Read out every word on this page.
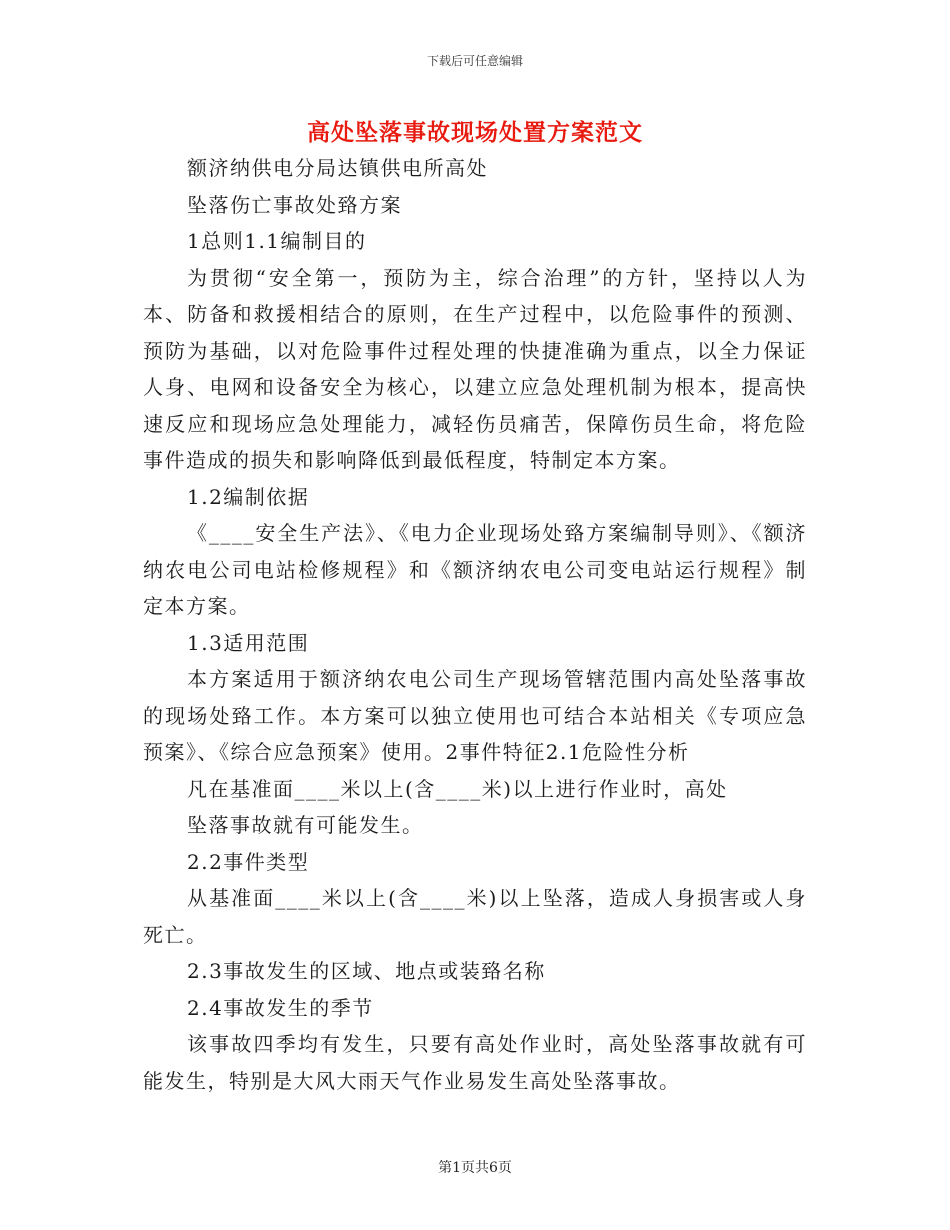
下载后可任意编辑
高处坠落事故现场处置方案范文

额济纳供电分局达镇供电所高处

坠落伤亡事故处臵方案

1总则1.1编制目的

为贯彻“安全第一，预防为主，综合治理”的方针，坚持以人为本、防备和救援相结合的原则，在生产过程中，以危险事件的预测、预防为基础，以对危险事件过程处理的快捷准确为重点，以全力保证人身、电网和设备安全为核心，以建立应急处理机制为根本，提高快速反应和现场应急处理能力，减轻伤员痛苦，保障伤员生命，将危险事件造成的损失和影响降低到最低程度，特制定本方案。

1.2编制依据

《____安全生产法》、《电力企业现场处臵方案编制导则》、《额济纳农电公司电站检修规程》和《额济纳农电公司变电站运行规程》制定本方案。

1.3适用范围

本方案适用于额济纳农电公司生产现场管辖范围内高处坠落事故的现场处臵工作。本方案可以独立使用也可结合本站相关《专项应急预案》、《综合应急预案》使用。2事件特征2.1危险性分析

凡在基准面____米以上(含____米)以上进行作业时，高处

坠落事故就有可能发生。

2.2事件类型

从基准面____米以上(含____米)以上坠落，造成人身损害或人身死亡。

2.3事故发生的区域、地点或装臵名称

2.4事故发生的季节

该事故四季均有发生，只要有高处作业时，高处坠落事故就有可能发生，特别是大风大雨天气作业易发生高处坠落事故。

第1页共6页
